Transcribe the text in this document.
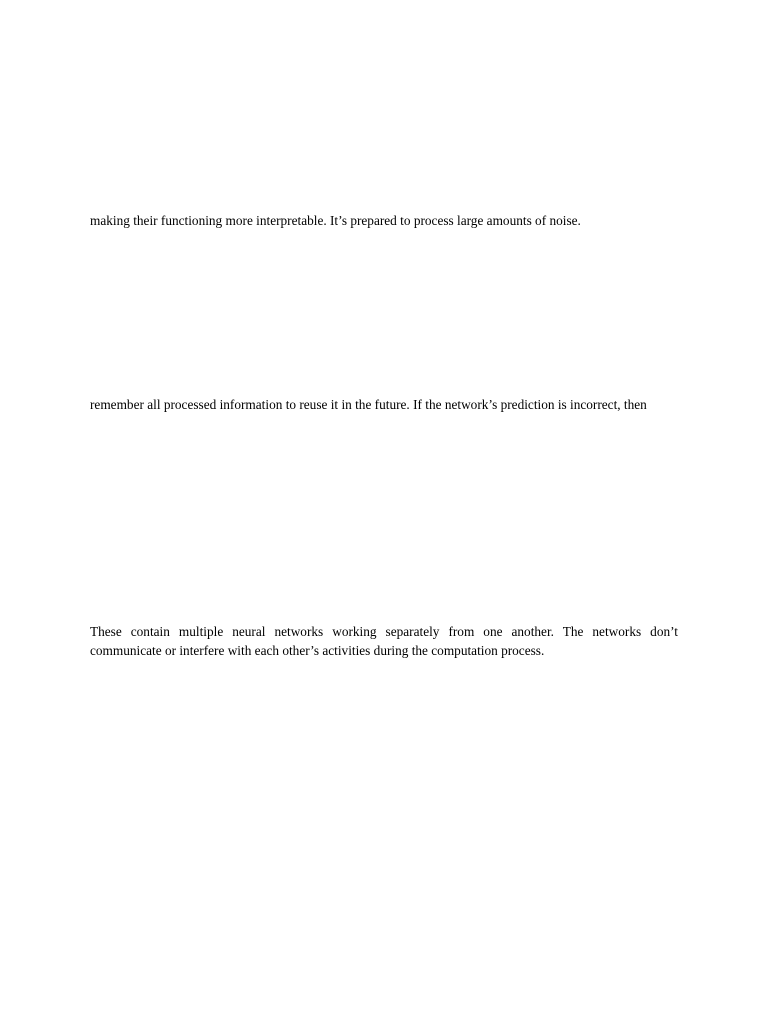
making their functioning more interpretable. It’s prepared to process large amounts of noise.

remember all processed information to reuse it in the future. If the network’s prediction is incorrect, then

These contain multiple neural networks working separately from one another. The networks don’t communicate or interfere with each other’s activities during the computation process.
